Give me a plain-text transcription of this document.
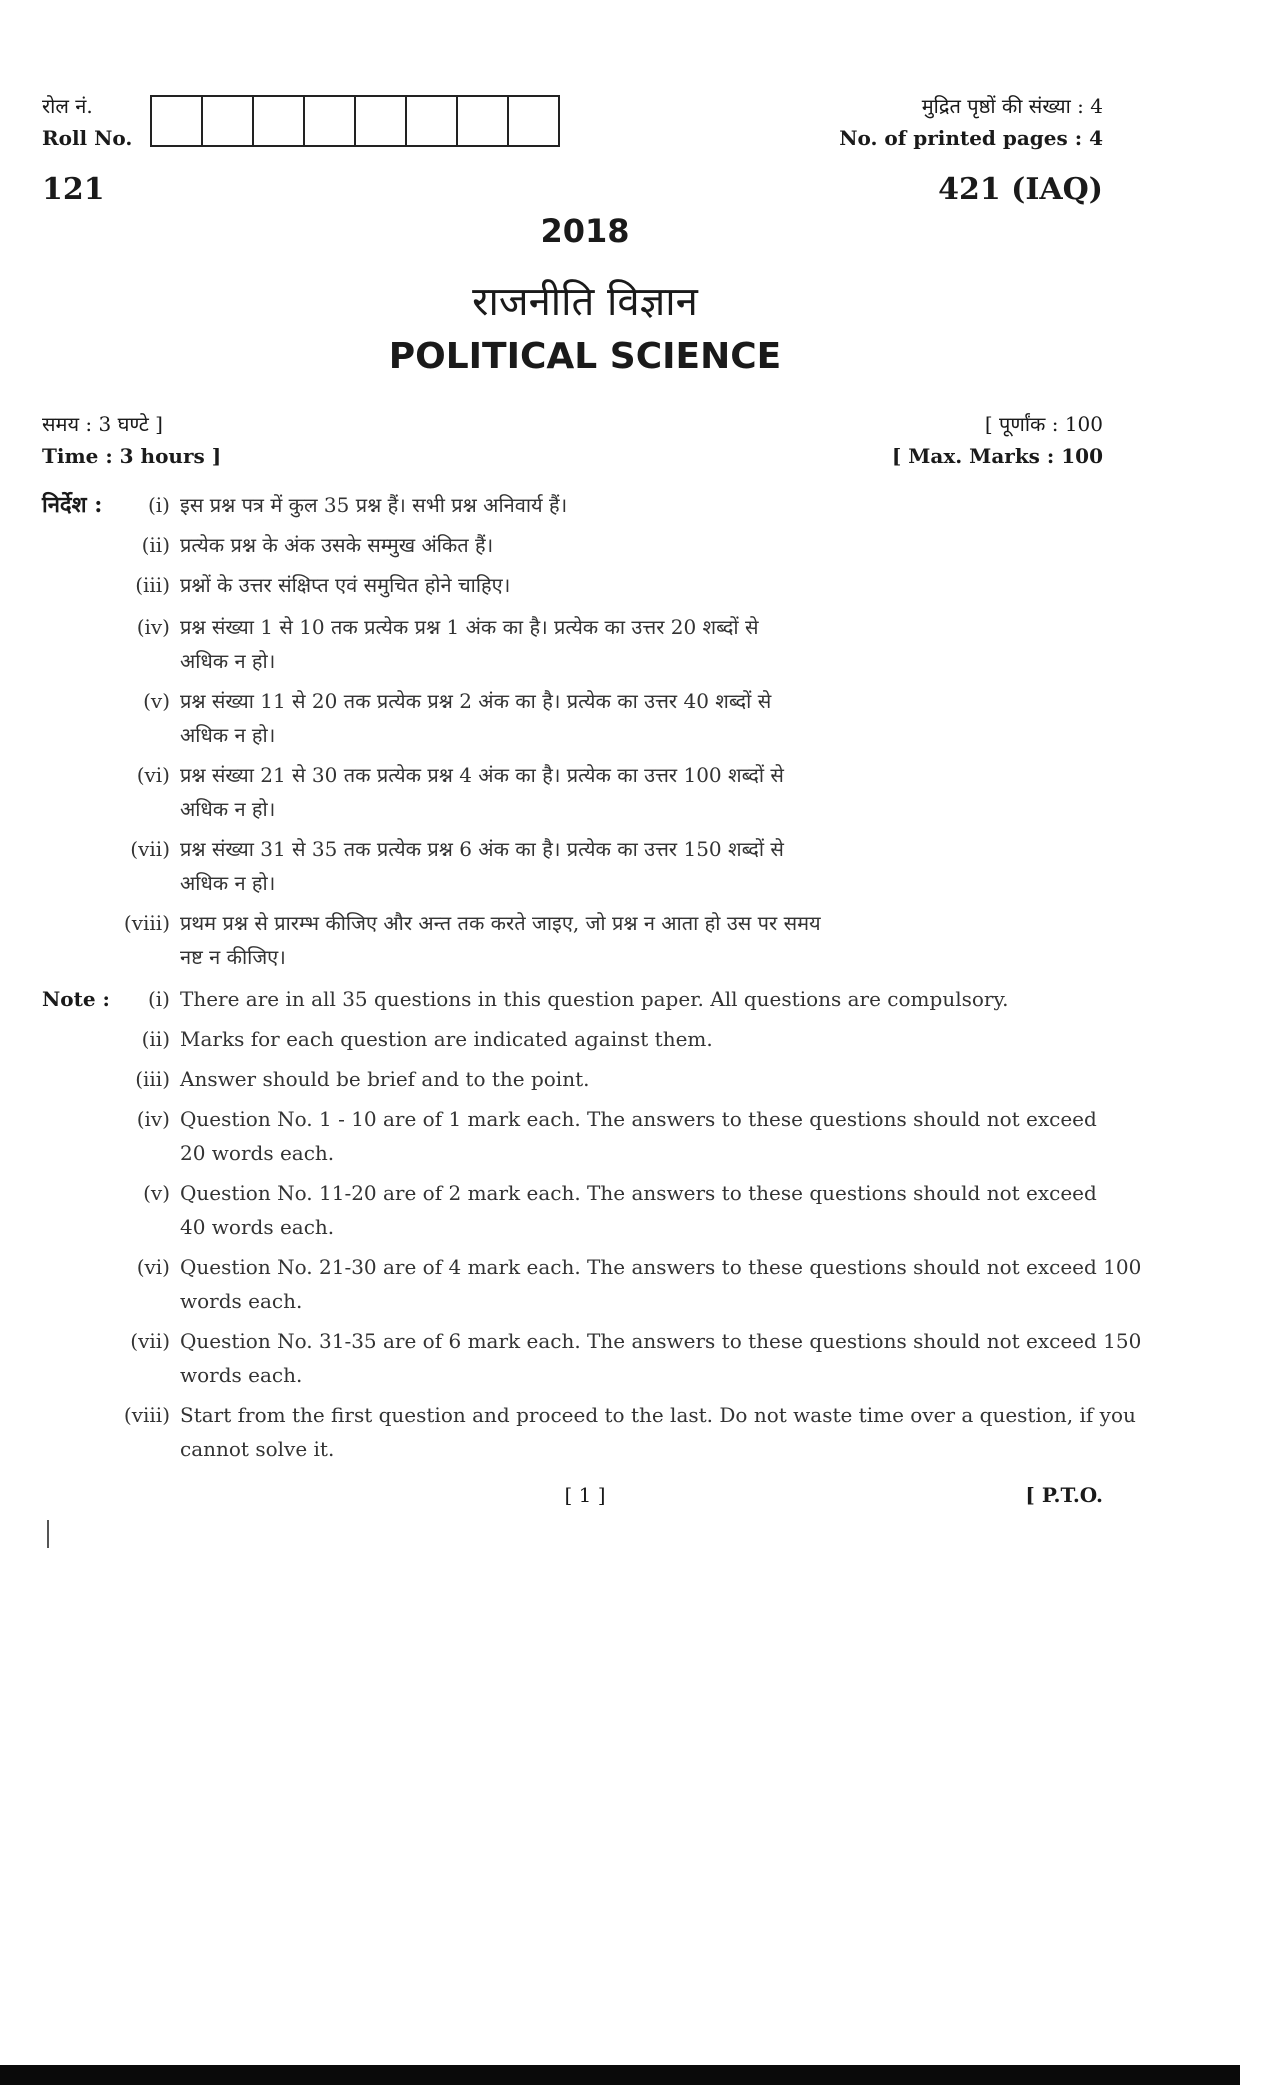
रोल नं.
Roll No.
मुद्रित पृष्ठों की संख्या : 4
No. of printed pages : 4
121	421 (IAQ)
2018
राजनीति विज्ञान
POLITICAL SCIENCE
समय : 3 घण्टे ]
Time : 3 hours ]
[ पूर्णांक : 100
[ Max. Marks : 100
निर्देश :	(i) इस प्रश्न पत्र में कुल 35 प्रश्न हैं। सभी प्रश्न अनिवार्य हैं।
(ii) प्रत्येक प्रश्न के अंक उसके सम्मुख अंकित हैं।
(iii) प्रश्नों के उत्तर संक्षिप्त एवं समुचित होने चाहिए।
(iv) प्रश्न संख्या 1 से 10 तक प्रत्येक प्रश्न 1 अंक का है। प्रत्येक का उत्तर 20 शब्दों से
अधिक न हो।
(v) प्रश्न संख्या 11 से 20 तक प्रत्येक प्रश्न 2 अंक का है। प्रत्येक का उत्तर 40 शब्दों से
अधिक न हो।
(vi) प्रश्न संख्या 21 से 30 तक प्रत्येक प्रश्न 4 अंक का है। प्रत्येक का उत्तर 100 शब्दों से
अधिक न हो।
(vii) प्रश्न संख्या 31 से 35 तक प्रत्येक प्रश्न 6 अंक का है। प्रत्येक का उत्तर 150 शब्दों से
अधिक न हो।
(viii) प्रथम प्रश्न से प्रारम्भ कीजिए और अन्त तक करते जाइए, जो प्रश्न न आता हो उस पर समय
नष्ट न कीजिए।
Note :	(i) There are in all 35 questions in this question paper. All questions are compulsory.
(ii) Marks for each question are indicated against them.
(iii) Answer should be brief and to the point.
(iv) Question No. 1 - 10 are of 1 mark each. The answers to these questions should not exceed
20 words each.
(v) Question No. 11-20 are of 2 mark each. The answers to these questions should not exceed
40 words each.
(vi) Question No. 21-30 are of 4 mark each. The answers to these questions should not exceed 100
words each.
(vii) Question No. 31-35 are of 6 mark each. The answers to these questions should not exceed 150
words each.
(viii) Start from the first question and proceed to the last. Do not waste time over a question, if you
cannot solve it.
[ 1 ]	[ P.T.O.
